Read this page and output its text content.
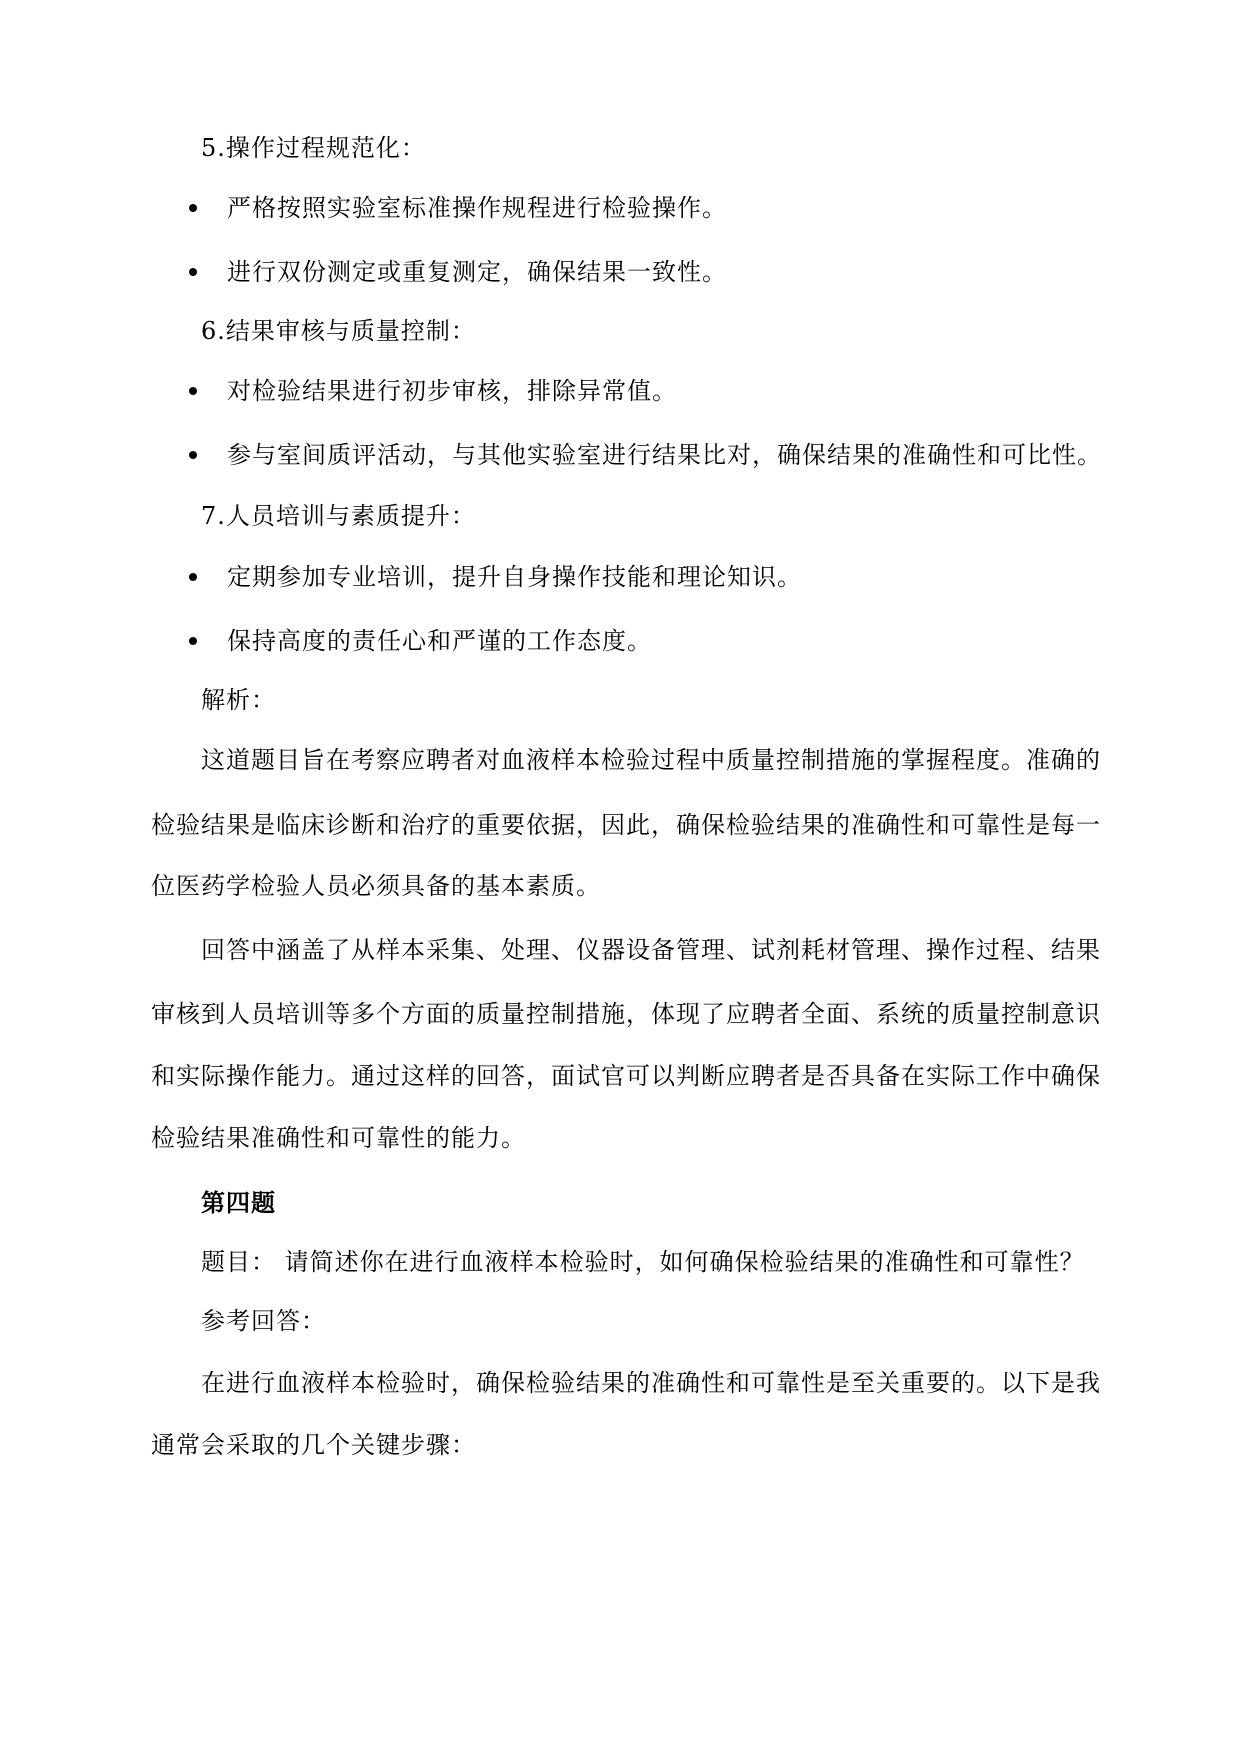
5.操作过程规范化：
严格按照实验室标准操作规程进行检验操作。
进行双份测定或重复测定，确保结果一致性。
6.结果审核与质量控制：
对检验结果进行初步审核，排除异常值。
参与室间质评活动，与其他实验室进行结果比对，确保结果的准确性和可比性。
7.人员培训与素质提升：
定期参加专业培训，提升自身操作技能和理论知识。
保持高度的责任心和严谨的工作态度。
解析：
这道题目旨在考察应聘者对血液样本检验过程中质量控制措施的掌握程度。准确的
检验结果是临床诊断和治疗的重要依据，因此，确保检验结果的准确性和可靠性是每一
位医药学检验人员必须具备的基本素质。
回答中涵盖了从样本采集、处理、仪器设备管理、试剂耗材管理、操作过程、结果
审核到人员培训等多个方面的质量控制措施，体现了应聘者全面、系统的质量控制意识
和实际操作能力。通过这样的回答，面试官可以判断应聘者是否具备在实际工作中确保
检验结果准确性和可靠性的能力。
第四题
题目： 请简述你在进行血液样本检验时，如何确保检验结果的准确性和可靠性？
参考回答：
在进行血液样本检验时，确保检验结果的准确性和可靠性是至关重要的。以下是我
通常会采取的几个关键步骤：
